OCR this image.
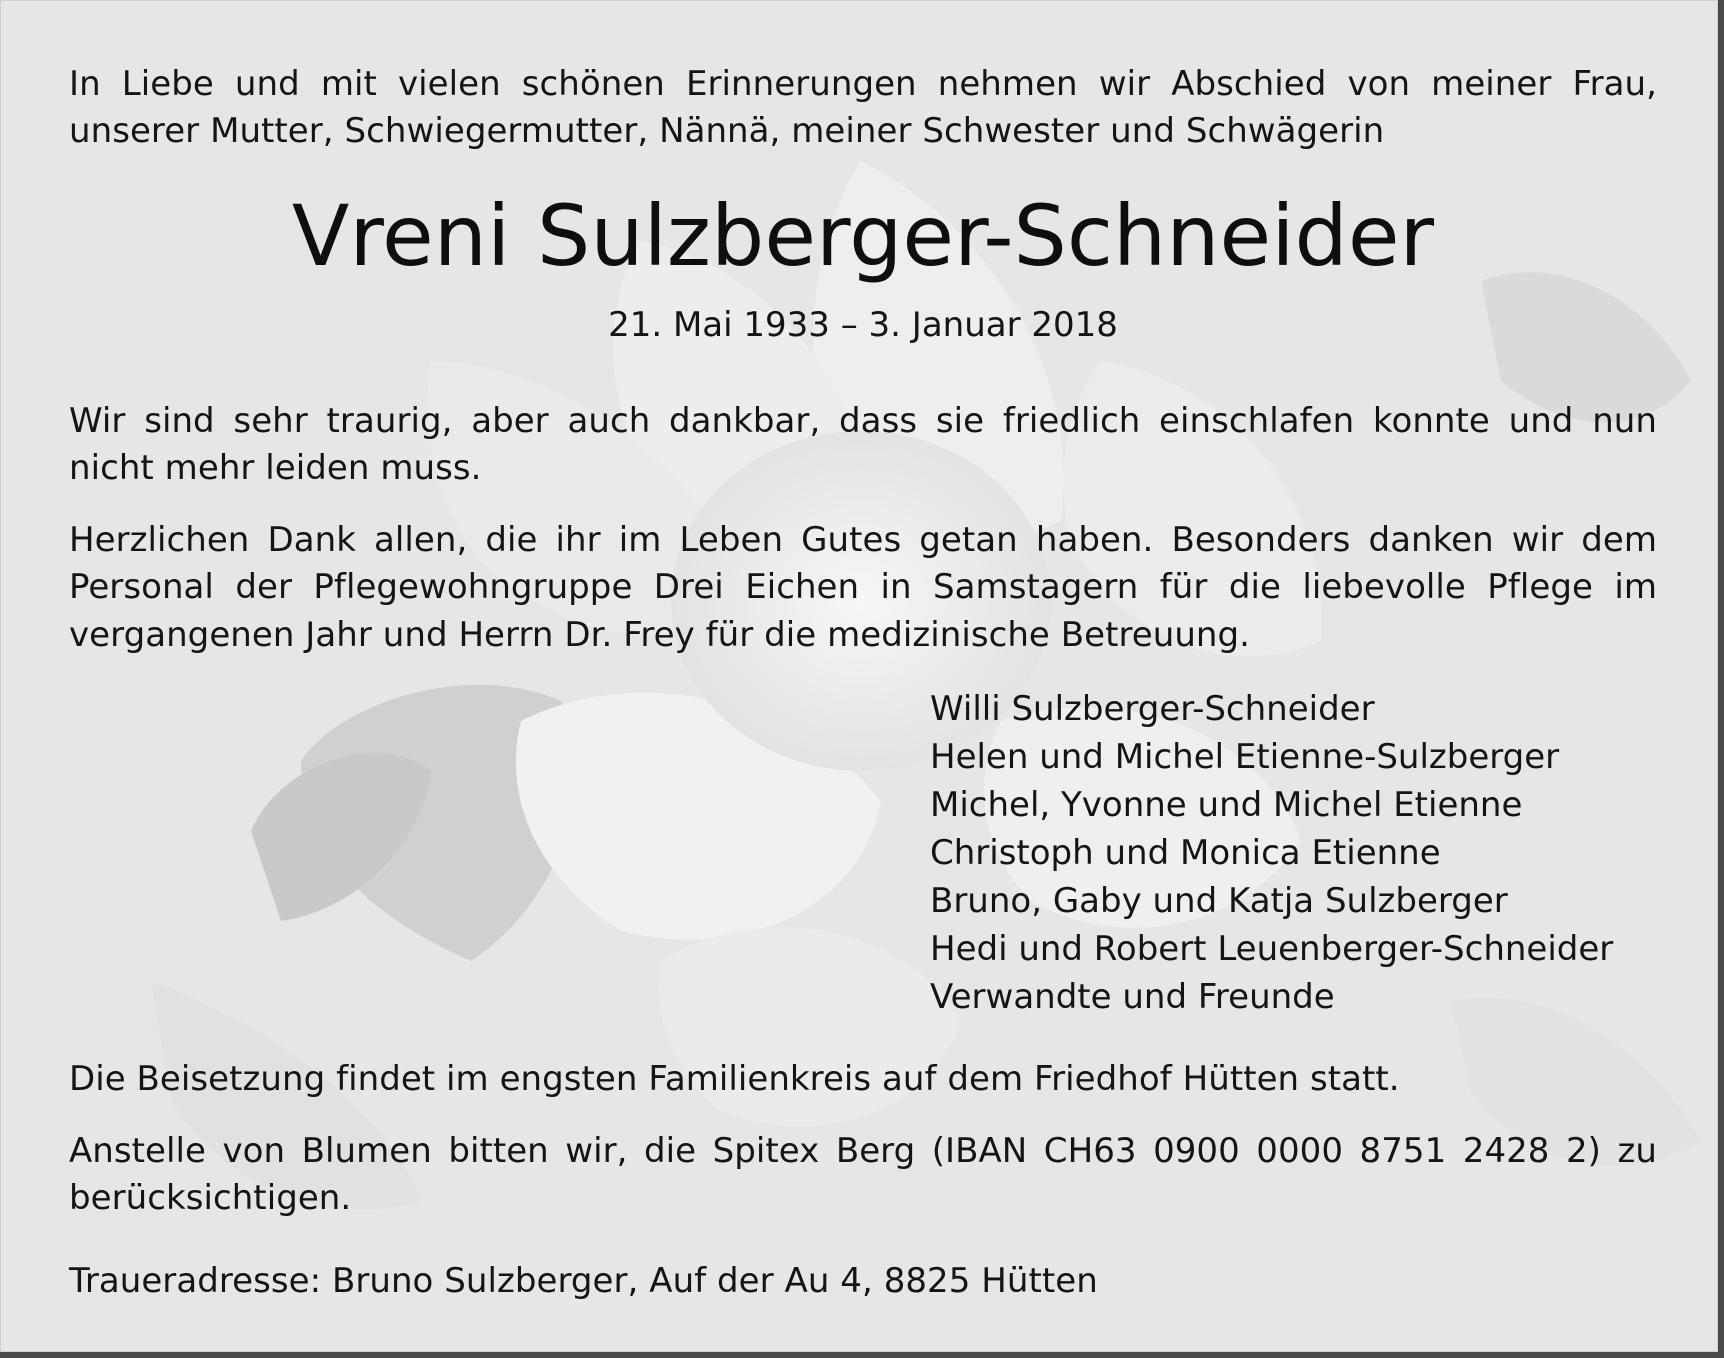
In Liebe und mit vielen schönen Erinnerungen nehmen wir Abschied von meiner Frau,
unserer Mutter, Schwiegermutter, Nännä, meiner Schwester und Schwägerin
Vreni Sulzberger-Schneider
21. Mai 1933 – 3. Januar 2018
Wir sind sehr traurig, aber auch dankbar, dass sie friedlich einschlafen konnte und nun
nicht mehr leiden muss.
Herzlichen Dank allen, die ihr im Leben Gutes getan haben. Besonders danken wir dem
Personal der Pflegewohngruppe Drei Eichen in Samstagern für die liebevolle Pflege im
vergangenen Jahr und Herrn Dr. Frey für die medizinische Betreuung.
Willi Sulzberger-Schneider
Helen und Michel Etienne-Sulzberger
Michel, Yvonne und Michel Etienne
Christoph und Monica Etienne
Bruno, Gaby und Katja Sulzberger
Hedi und Robert Leuenberger-Schneider
Verwandte und Freunde
Die Beisetzung findet im engsten Familienkreis auf dem Friedhof Hütten statt.
Anstelle von Blumen bitten wir, die Spitex Berg (IBAN CH63 0900 0000 8751 2428 2) zu
berücksichtigen.
Traueradresse: Bruno Sulzberger, Auf der Au 4, 8825 Hütten
